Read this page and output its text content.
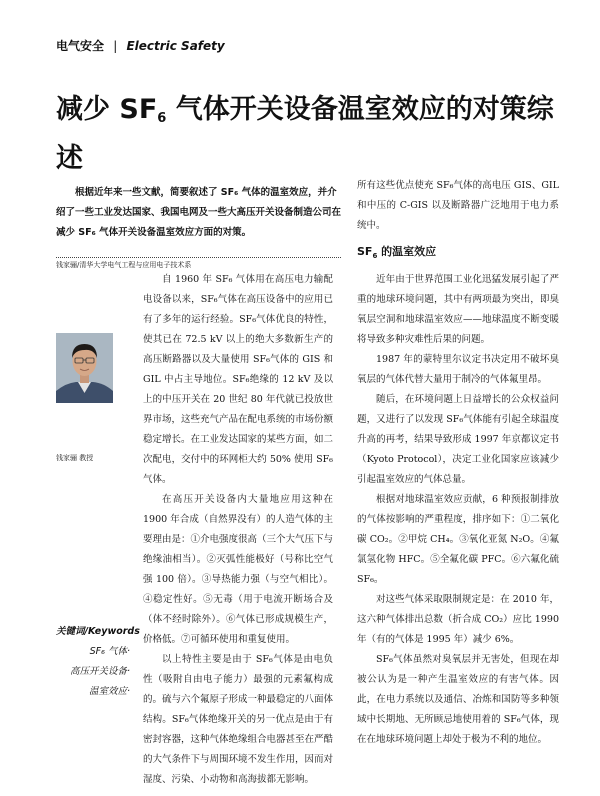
电气安全 | Electric Safety
减少 $SF_6$ 气体开关设备温室效应的对策综述
根据近年来一些文献，简要叙述了 SF₆ 气体的温室效应，并介绍了一些工业发达国家、我国电网及一些大高压开关设备制造公司在减少 SF₆ 气体开关设备温室效应方面的对策。
钱家骊/清华大学电气工程与应用电子技术系
钱家骊 教授
关键词/Keywords
SF₆ 气体·
高压开关设备·
温室效应·

自 1960 年 SF₆ 气体用在高压电力输配电设备以来，SF₆气体在高压设备中的应用已有了多年的运行经验。SF₆气体优良的特性，使其已在 72.5 kV 以上的绝大多数新生产的高压断路器以及大量使用 SF₆气体的 GIS 和 GIL 中占主导地位。SF₆绝缘的 12 kV 及以上的中压开关在 20 世纪 80 年代就已投放世界市场，这些充气产品在配电系统的市场份额稳定增长。在工业发达国家的某些方面，如二次配电，交付中的环网柜大约 50% 使用 SF₆ 气体。

在高压开关设备内大量地应用这种在 1900 年合成（自然界没有）的人造气体的主要理由是：①介电强度很高（三个大气压下与绝缘油相当）。②灭弧性能极好（号称比空气强 100 倍）。③导热能力强（与空气相比）。④稳定性好。⑤无毒（用于电流开断场合及（体不经时除外）。⑥气体已形成规模生产，价格低。⑦可循环使用和重复使用。

以上特性主要是由于 SF₆气体是由电负性（吸附自由电子能力）最强的元素氟构成的。硫与六个氟原子形成一种最稳定的八面体结构。SF₆气体绝缘开关的另一优点是由于有密封容器，这种气体绝缘组合电器甚至在严酷的大气条件下与周围环境不发生作用，因而对湿度、污染、小动物和高海拔都无影响。

所有这些优点使充 SF₆气体的高电压 GIS、GIL 和中压的 C-GIS 以及断路器广泛地用于电力系统中。

$SF_6$ 的温室效应

近年由于世界范围工业化迅猛发展引起了严重的地球环境问题，其中有两项最为突出，即臭氧层空洞和地球温室效应——地球温度不断变暖将导致多种灾难性后果的问题。

1987 年的蒙特里尔议定书决定用不破坏臭氧层的气体代替大量用于制冷的气体氟里昂。

随后，在环境问题上日益增长的公众权益问题，又进行了以发现 SF₆气体能有引起全球温度升高的再考，结果导致形成 1997 年京都议定书（Kyoto Protocol），决定工业化国家应该减少引起温室效应的气体总量。

根据对地球温室效应贡献，6 种预报制排放的气体按影响的严重程度，排序如下：①二氧化碳 CO₂。②甲烷 CH₄。③氧化亚氮 N₂O。④氟氯氢化物 HFC。⑤全氟化碳 PFC。⑥六氟化硫 SF₆。

对这些气体采取限制规定是：在 2010 年，这六种气体排出总数（折合成 CO₂）应比 1990 年（有的气体是 1995 年）减少 6%。

SF₆气体虽然对臭氧层并无害处，但现在却被公认为是一种产生温室效应的有害气体。因此，在电力系统以及通信、冶炼和国防等多种领域中长期地、无所顾忌地使用着的 SF₆气体，现在在地球环境问题上却处于极为不利的地位。
